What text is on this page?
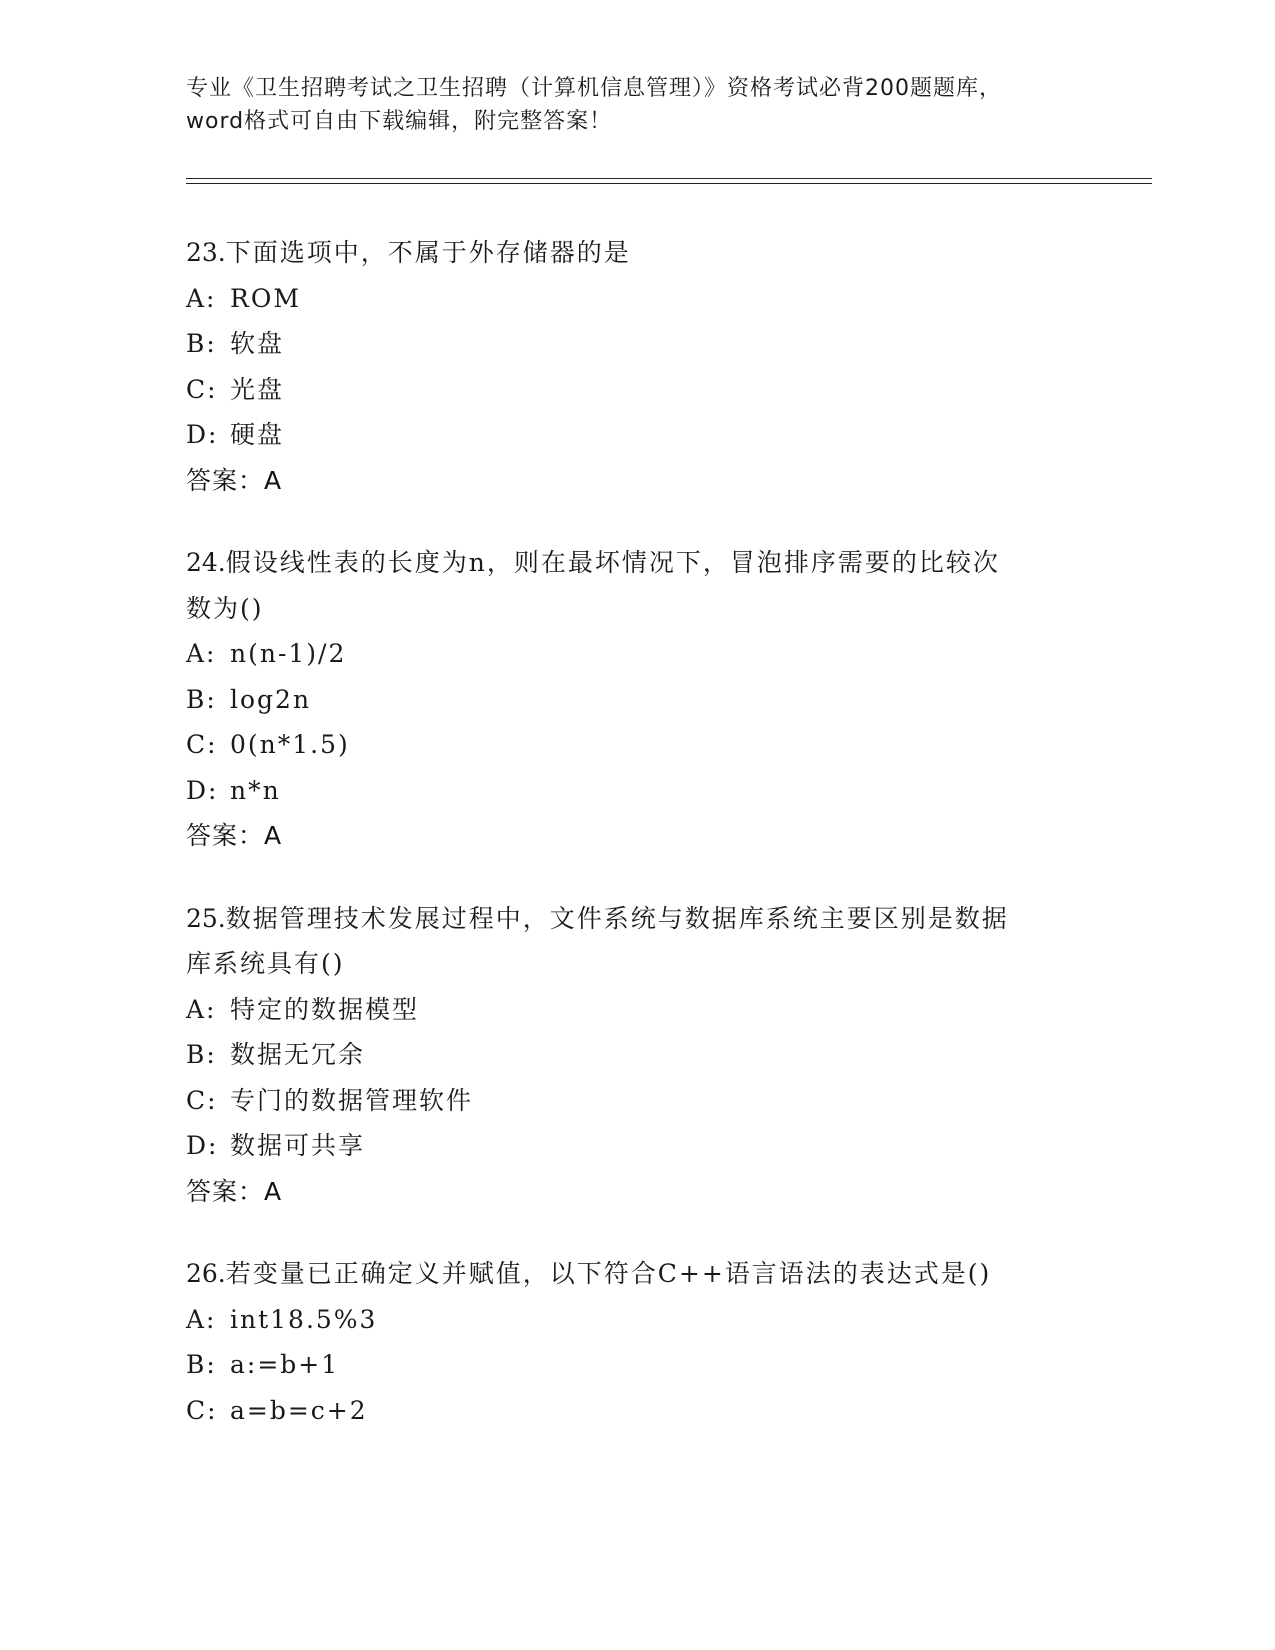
专业《卫生招聘考试之卫生招聘（计算机信息管理）》资格考试必背200题题库，
word格式可自由下载编辑，附完整答案！
23.下面选项中，不属于外存储器的是
A: ROM
B: 软盘
C: 光盘
D: 硬盘
答案：A
24.假设线性表的长度为n，则在最坏情况下，冒泡排序需要的比较次
数为()
A: n(n-1)/2
B: log2n
C: 0(n*1.5)
D: n*n
答案：A
25.数据管理技术发展过程中，文件系统与数据库系统主要区别是数据
库系统具有()
A: 特定的数据模型
B: 数据无冗余
C: 专门的数据管理软件
D: 数据可共享
答案：A
26.若变量已正确定义并赋值，以下符合C++语言语法的表达式是()
A: int18.5%3
B: a:=b+1
C: a=b=c+2
